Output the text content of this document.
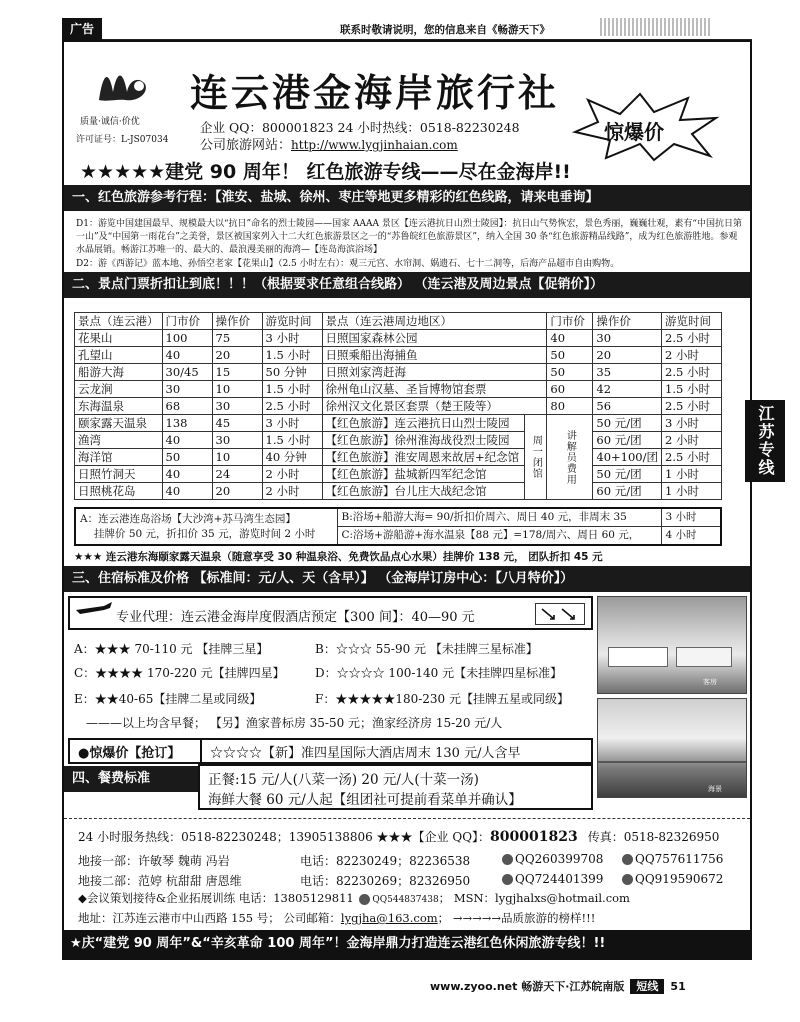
广告	联系时敬请说明，您的信息来自《畅游天下》
连云港金海岸旅行社
质量·诚信·价优
许可证号：L-JS07034
企业 QQ：800001823 24 小时热线：0518-82230248
公司旅游网站：http://www.lygjinhaian.com
惊爆价
★★★★★建党 90 周年！ 红色旅游专线——尽在金海岸!!
一、红色旅游参考行程：【淮安、盐城、徐州、枣庄等地更多精彩的红色线路，请来电垂询】
D1：游览中国建国最早、规模最大以“抗日”命名的烈士陵园——国家 AAAA 景区【连云港抗日山烈士陵园】：抗日山气势恢宏，景色秀丽，巍巍壮观，素有“中国抗日第一山”及“中国第一雨花台”之美誉，景区被国家列入十二大红色旅游景区之一的“苏鲁皖红色旅游景区”，纳入全国 30 条“红色旅游精品线路”，成为红色旅游胜地。参观水晶展销。畅游江苏唯一的、最大的、最浪漫美丽的海湾—【连岛海滨浴场】
D2：游《西游记》蓝本地、孙悟空老家【花果山】（2.5 小时左右）：观三元宫、水帘洞、娲遗石、七十二洞等，后海产品超市自由购物。
二、景点门票折扣让到底！！！（根据要求任意组合线路） （连云港及周边景点【促销价】）
景点（连云港）	门市价	操作价	游览时间	景点（连云港周边地区）		门市价	操作价	游览时间
花果山	100	75	3 小时	日照国家森林公园		40	30	2.5 小时
孔望山	40	20	1.5 小时	日照乘船出海捕鱼		50	20	2 小时
船游大海	30/45	15	50 分钟	日照刘家湾赶海		50	35	2.5 小时
云龙涧	30	10	1.5 小时	徐州龟山汉墓、圣旨博物馆套票		60	42	1.5 小时
东海温泉	68	30	2.5 小时	徐州汉文化景区套票（楚王陵等）		80	56	2.5 小时
颐家露天温泉	138	45	3 小时	【红色旅游】连云港抗日山烈士陵园	周一闭馆	讲解员费用	50 元/团	3 小时
渔湾	40	30	1.5 小时	【红色旅游】徐州淮海战役烈士陵园			60 元/团	2 小时
海洋馆	50	10	40 分钟	【红色旅游】淮安周恩来故居+纪念馆			40+100/团	2.5 小时
日照竹洞天	40	24	2 小时	【红色旅游】盐城新四军纪念馆			50 元/团	1 小时
日照桃花岛	40	20	2 小时	【红色旅游】台儿庄大战纪念馆			60 元/团	1 小时
A：连云港连岛浴场【大沙湾+苏马湾生态园】
挂牌价 50 元，折扣价 35 元，游览时间 2 小时	B:浴场+船游大海= 90/折扣价周六、周日 40 元，非周末 35	3 小时
	C:浴场+游船游+海水温泉【88 元】=178/周六、周日 60 元，	4 小时
★★★ 连云港东海颐家露天温泉（随意享受 30 种温泉浴、免费饮品点心水果）挂牌价 138 元， 团队折扣 45 元
三、住宿标准及价格 【标准间：元/人、天（含早）】 （金海岸订房中心：【八月特价】）
专业代理：连云港金海岸度假酒店预定【300 间】：40—90 元
A：★★★ 70-110 元 【挂牌三星】	B：☆☆☆ 55-90 元 【未挂牌三星标准】
C：★★★★ 170-220 元【挂牌四星】	D：☆☆☆☆ 100-140 元【未挂牌四星标准】
E：★★40-65【挂牌二星或同级】	F：★★★★★180-230 元【挂牌五星或同级】
———以上均含早餐； 【另】渔家普标房 35-50 元；渔家经济房 15-20 元/人
客房
海景
●惊爆价【抢订】 ☆☆☆☆【新】准四星国际大酒店周末 130 元/人含早
四、餐费标准	正餐:15 元/人(八菜一汤) 20 元/人(十菜一汤)
海鲜大餐 60 元/人起【组团社可提前看菜单并确认】
24 小时服务热线：0518-82230248；13905138806 ★★★【企业 QQ】：800001823 传真：0518-82326950
地接一部：许敏琴 魏萌 冯岩	电话：82230249；82236538	QQ260399708	QQ757611756
地接二部：范婷 杭甜甜 唐恩维	电话：82230269；82326950	QQ724401399	QQ919590672
◆会议策划接待&企业拓展训练 电话：13805129811 QQ544837438； MSN：lygjhalxs@hotmail.com
地址：江苏连云港市中山西路 155 号； 公司邮箱：lygjha@163.com； →→→→→品质旅游的榜样!!!
★庆“建党 90 周年”&“辛亥革命 100 周年”！金海岸鼎力打造连云港红色休闲旅游专线！!!
江苏专线
www.zyoo.net 畅游天下·江苏皖南版 短线 51
